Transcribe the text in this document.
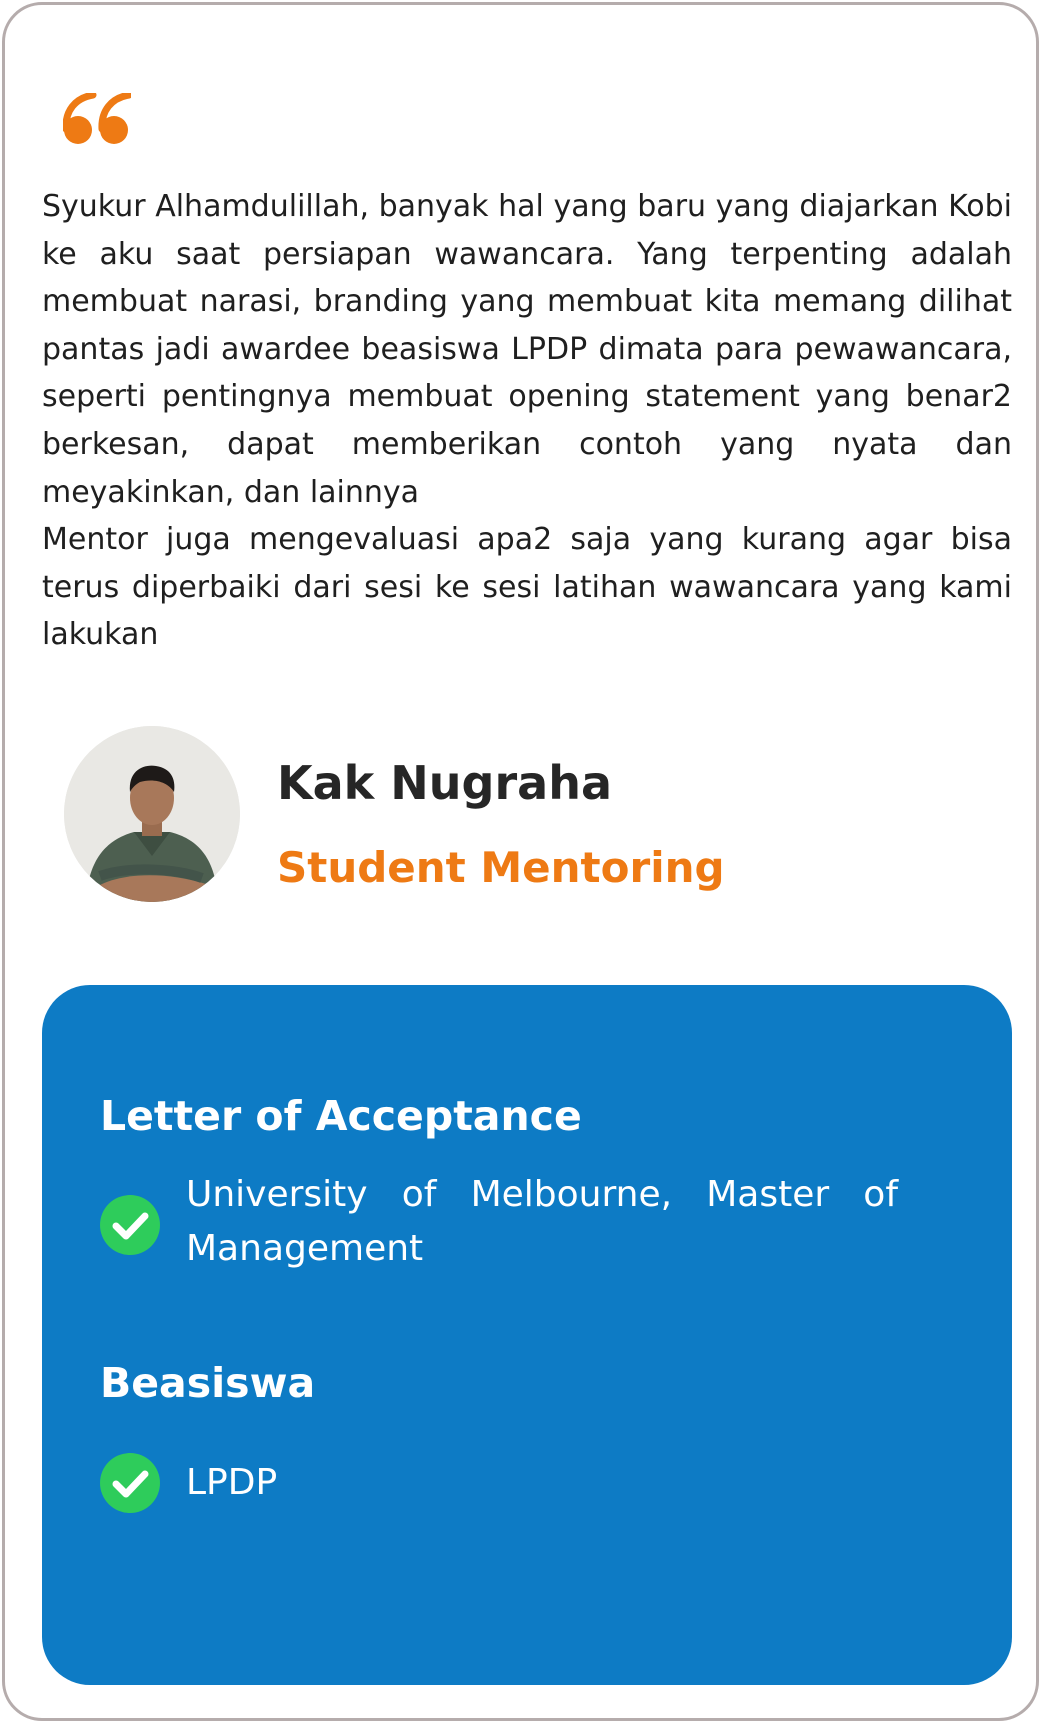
Syukur Alhamdulillah, banyak hal yang baru yang diajarkan Kobi ke aku saat persiapan wawancara. Yang terpenting adalah membuat narasi, branding yang membuat kita memang dilihat pantas jadi awardee beasiswa LPDP dimata para pewawancara, seperti pentingnya membuat opening statement yang benar2 berkesan, dapat memberikan contoh yang nyata dan meyakinkan, dan lainnya

Mentor juga mengevaluasi apa2 saja yang kurang agar bisa terus diperbaiki dari sesi ke sesi latihan wawancara yang kami lakukan

Kak Nugraha
Student Mentoring
Letter of Acceptance
University of Melbourne, Master of Management
Beasiswa
LPDP
